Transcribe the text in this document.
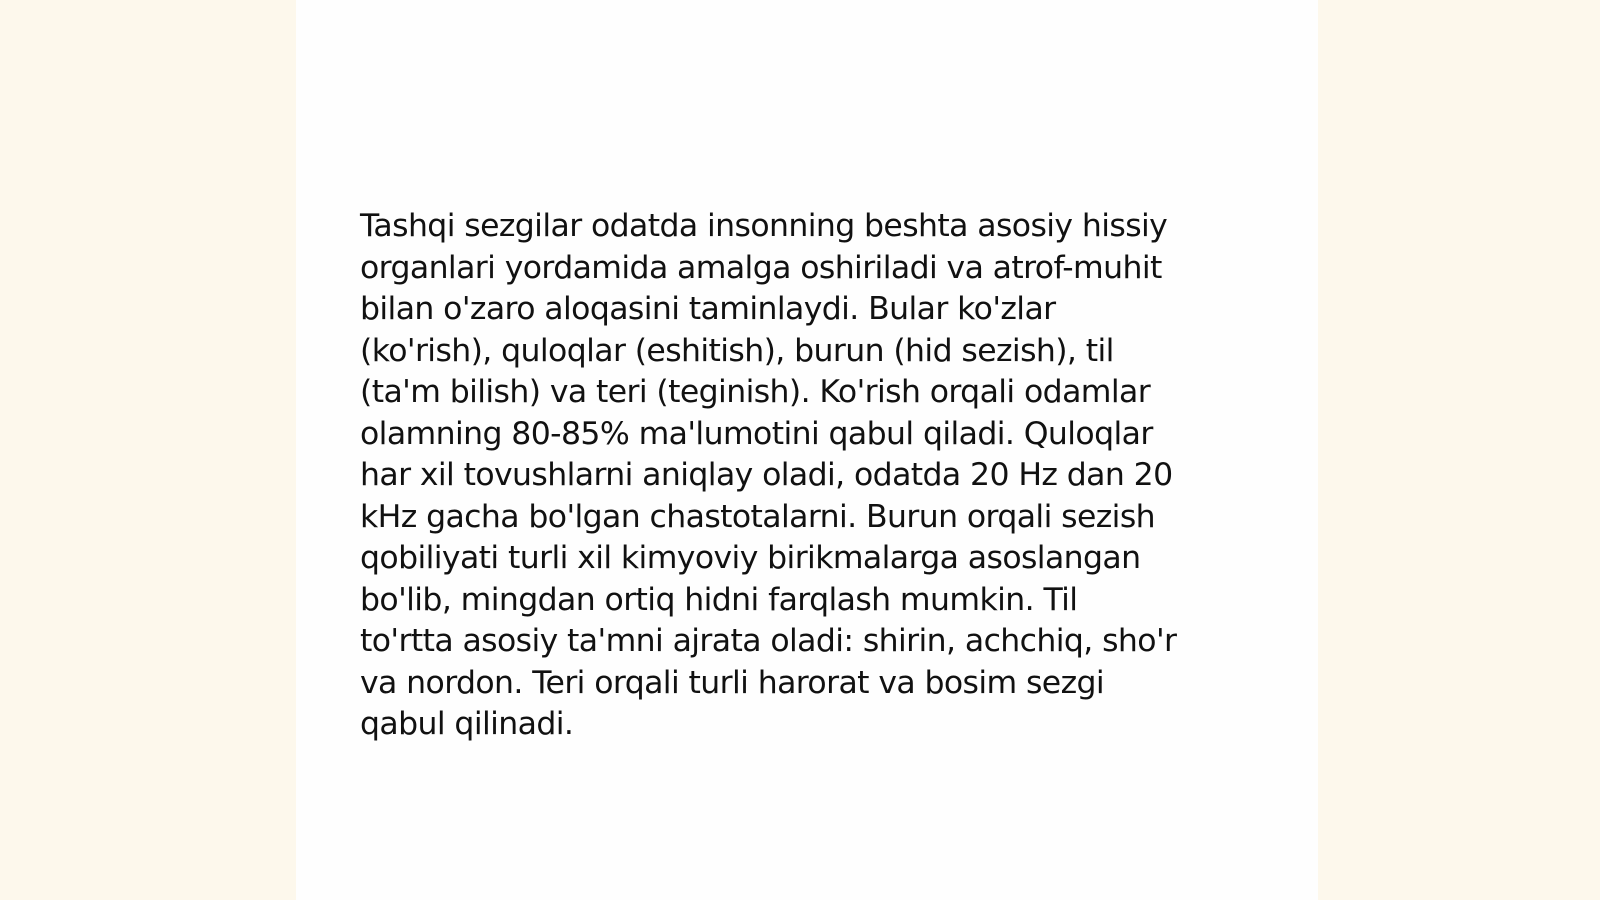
Tashqi sezgilar odatda insonning beshta asosiy hissiy
organlari yordamida amalga oshiriladi va atrof-muhit
bilan o'zaro aloqasini taminlaydi. Bular ko'zlar
(ko'rish), quloqlar (eshitish), burun (hid sezish), til
(ta'm bilish) va teri (teginish). Ko'rish orqali odamlar
olamning 80-85% ma'lumotini qabul qiladi. Quloqlar
har xil tovushlarni aniqlay oladi, odatda 20 Hz dan 20
kHz gacha bo'lgan chastotalarni. Burun orqali sezish
qobiliyati turli xil kimyoviy birikmalarga asoslangan
bo'lib, mingdan ortiq hidni farqlash mumkin. Til
to'rtta asosiy ta'mni ajrata oladi: shirin, achchiq, sho'r
va nordon. Teri orqali turli harorat va bosim sezgi
qabul qilinadi.
